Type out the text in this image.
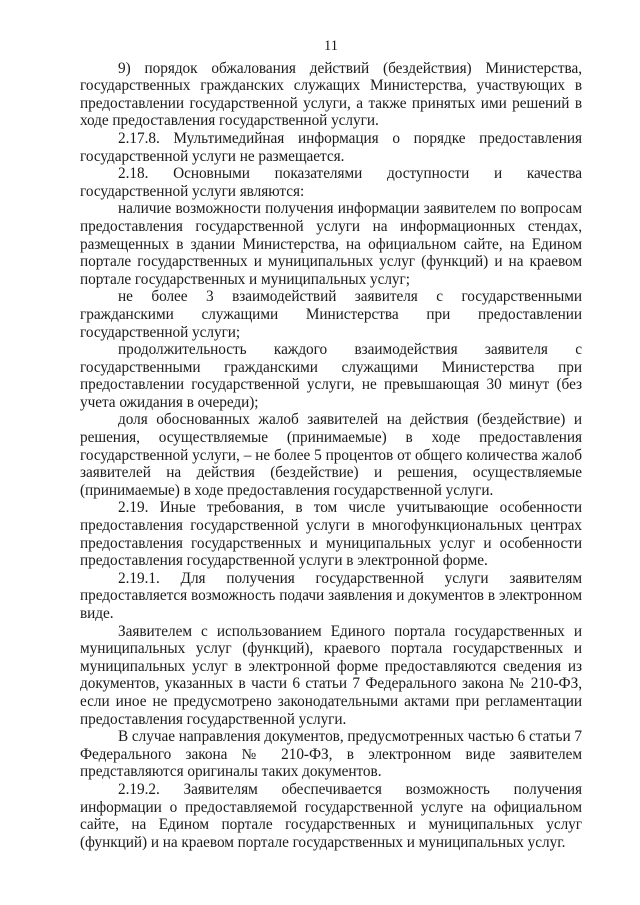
11

9) порядок обжалования действий (бездействия) Министерства, государственных гражданских служащих Министерства, участвующих в предоставлении государственной услуги, а также принятых ими решений в ходе предоставления государственной услуги.

2.17.8. Мультимедийная информация о порядке предоставления государственной услуги не размещается.

2.18. Основными показателями доступности и качества государственной услуги являются:

наличие возможности получения информации заявителем по вопросам предоставления государственной услуги на информационных стендах, размещенных в здании Министерства, на официальном сайте, на Едином портале государственных и муниципальных услуг (функций) и на краевом портале государственных и муниципальных услуг;

не более 3 взаимодействий заявителя с государственными гражданскими служащими Министерства при предоставлении государственной услуги;

продолжительность каждого взаимодействия заявителя с государственными гражданскими служащими Министерства при предоставлении государственной услуги, не превышающая 30 минут (без учета ожидания в очереди);

доля обоснованных жалоб заявителей на действия (бездействие) и решения, осуществляемые (принимаемые) в ходе предоставления государственной услуги, – не более 5 процентов от общего количества жалоб заявителей на действия (бездействие) и решения, осуществляемые (принимаемые) в ходе предоставления государственной услуги.

2.19. Иные требования, в том числе учитывающие особенности предоставления государственной услуги в многофункциональных центрах предоставления государственных и муниципальных услуг и особенности предоставления государственной услуги в электронной форме.

2.19.1. Для получения государственной услуги заявителям предоставляется возможность подачи заявления и документов в электронном виде.

Заявителем с использованием Единого портала государственных и муниципальных услуг (функций), краевого портала государственных и муниципальных услуг в электронной форме предоставляются сведения из документов, указанных в части 6 статьи 7 Федерального закона № 210-ФЗ, если иное не предусмотрено законодательными актами при регламентации предоставления государственной услуги.

В случае направления документов, предусмотренных частью 6 статьи 7 Федерального закона № 210-ФЗ, в электронном виде заявителем представляются оригиналы таких документов.

2.19.2. Заявителям обеспечивается возможность получения информации о предоставляемой государственной услуге на официальном сайте, на Едином портале государственных и муниципальных услуг (функций) и на краевом портале государственных и муниципальных услуг.
